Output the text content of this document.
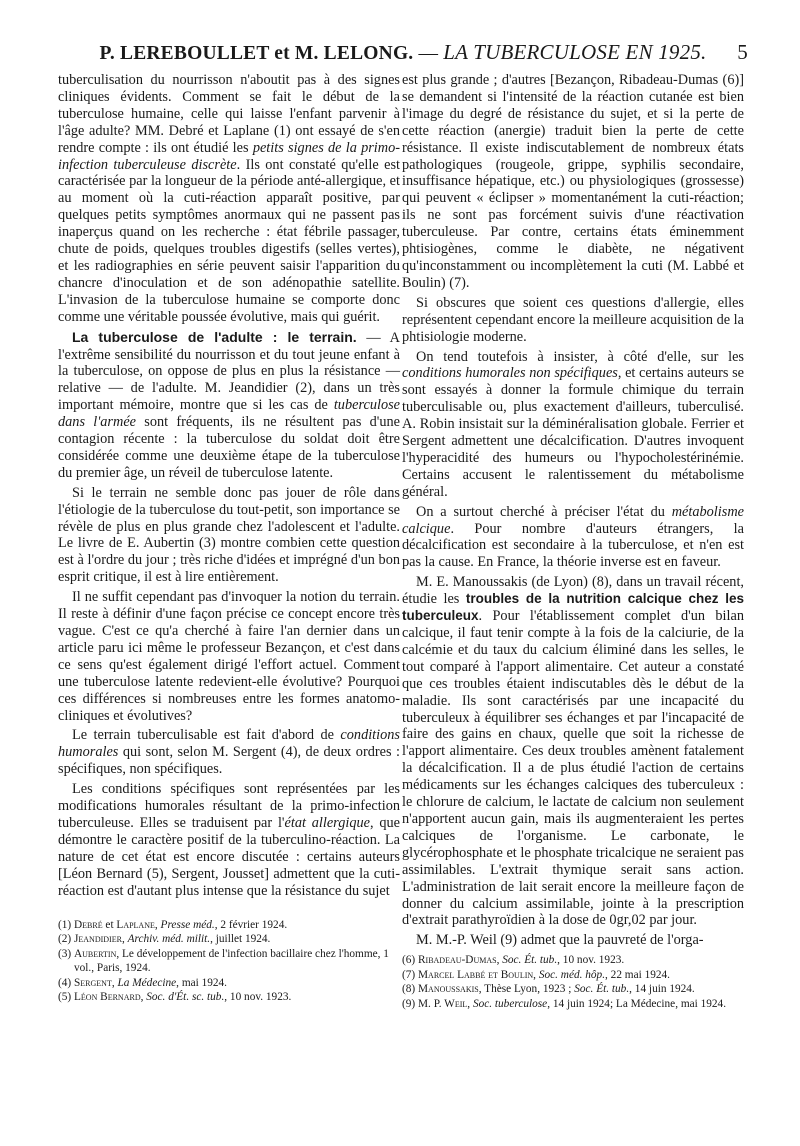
P. LEREBOULLET et M. LELONG. — LA TUBERCULOSE EN 1925. 5

tuberculisation du nourrisson n'aboutit pas à des signes cliniques évidents. Comment se fait le début de la tuberculose humaine, celle qui laisse l'enfant parvenir à l'âge adulte? MM. Debré et Laplane (1) ont essayé de s'en rendre compte : ils ont étudié les petits signes de la primo-infection tuberculeuse discrète. Ils ont constaté qu'elle est caractérisée par la longueur de la période anté-allergique, et au moment où la cuti-réaction apparaît positive, par quelques petits symptômes anormaux qui ne passent pas inaperçus quand on les recherche : état fébrile passager, chute de poids, quelques troubles digestifs (selles vertes), et les radiographies en série peuvent saisir l'apparition du chancre d'inoculation et de son adénopathie satellite. L'invasion de la tuberculose humaine se comporte donc comme une véritable poussée évolutive, mais qui guérit.

La tuberculose de l'adulte : le terrain. — A l'extrême sensibilité du nourrisson et du tout jeune enfant à la tuberculose, on oppose de plus en plus la résistance — relative — de l'adulte. M. Jeandidier (2), dans un très important mémoire, montre que si les cas de tuberculose dans l'armée sont fréquents, ils ne résultent pas d'une contagion récente : la tuberculose du soldat doit être considérée comme une deuxième étape de la tuberculose du premier âge, un réveil de tuberculose latente.

Si le terrain ne semble donc pas jouer de rôle dans l'étiologie de la tuberculose du tout-petit, son importance se révèle de plus en plus grande chez l'adolescent et l'adulte. Le livre de E. Aubertin (3) montre combien cette question est à l'ordre du jour ; très riche d'idées et imprégné d'un bon esprit critique, il est à lire entièrement.

Il ne suffit cependant pas d'invoquer la notion du terrain. Il reste à définir d'une façon précise ce concept encore très vague. C'est ce qu'a cherché à faire l'an dernier dans un article paru ici même le professeur Bezançon, et c'est dans ce sens qu'est également dirigé l'effort actuel. Comment une tuberculose latente redevient-elle évolutive? Pourquoi ces différences si nombreuses entre les formes anatomo-cliniques et évolutives?

Le terrain tuberculisable est fait d'abord de conditions humorales qui sont, selon M. Sergent (4), de deux ordres : spécifiques, non spécifiques.

Les conditions spécifiques sont représentées par les modifications humorales résultant de la primo-infection tuberculeuse. Elles se traduisent par l'état allergique, que démontre le caractère positif de la tuberculino-réaction. La nature de cet état est encore discutée : certains auteurs [Léon Bernard (5), Sergent, Jousset] admettent que la cuti-réaction est d'autant plus intense que la résistance du sujet

(1) Debré et Laplane, Presse méd., 2 février 1924.

(2) Jeandidier, Archiv. méd. milit., juillet 1924.

(3) Aubertin, Le développement de l'infection bacillaire chez l'homme, 1 vol., Paris, 1924.

(4) Sergent, La Médecine, mai 1924.

(5) Léon Bernard, Soc. d'Ét. sc. tub., 10 nov. 1923.

est plus grande ; d'autres [Bezançon, Ribadeau-Dumas (6)] se demandent si l'intensité de la réaction cutanée est bien l'image du degré de résistance du sujet, et si la perte de cette réaction (anergie) traduit bien la perte de cette résistance. Il existe indiscutablement de nombreux états pathologiques (rougeole, grippe, syphilis secondaire, insuffisance hépatique, etc.) ou physiologiques (grossesse) qui peuvent « éclipser » momentanément la cuti-réaction; ils ne sont pas forcément suivis d'une réactivation tuberculeuse. Par contre, certains états éminemment phtisiogènes, comme le diabète, ne négativent qu'inconstamment ou incomplètement la cuti (M. Labbé et Boulin) (7).

Si obscures que soient ces questions d'allergie, elles représentent cependant encore la meilleure acquisition de la phtisiologie moderne.

On tend toutefois à insister, à côté d'elle, sur les conditions humorales non spécifiques, et certains auteurs se sont essayés à donner la formule chimique du terrain tuberculisable ou, plus exactement d'ailleurs, tuberculisé. A. Robin insistait sur la déminéralisation globale. Ferrier et Sergent admettent une décalcification. D'autres invoquent l'hyperacidité des humeurs ou l'hypocholestérinémie. Certains accusent le ralentissement du métabolisme général.

On a surtout cherché à préciser l'état du métabolisme calcique. Pour nombre d'auteurs étrangers, la décalcification est secondaire à la tuberculose, et n'en est pas la cause. En France, la théorie inverse est en faveur.

M. E. Manoussakis (de Lyon) (8), dans un travail récent, étudie les troubles de la nutrition calcique chez les tuberculeux. Pour l'établissement complet d'un bilan calcique, il faut tenir compte à la fois de la calciurie, de la calcémie et du taux du calcium éliminé dans les selles, le tout comparé à l'apport alimentaire. Cet auteur a constaté que ces troubles étaient indiscutables dès le début de la maladie. Ils sont caractérisés par une incapacité du tuberculeux à équilibrer ses échanges et par l'incapacité de faire des gains en chaux, quelle que soit la richesse de l'apport alimentaire. Ces deux troubles amènent fatalement la décalcification. Il a de plus étudié l'action de certains médicaments sur les échanges calciques des tuberculeux : le chlorure de calcium, le lactate de calcium non seulement n'apportent aucun gain, mais ils augmenteraient les pertes calciques de l'organisme. Le carbonate, le glycérophosphate et le phosphate tricalcique ne seraient pas assimilables. L'extrait thymique serait sans action. L'administration de lait serait encore la meilleure façon de donner du calcium assimilable, jointe à la prescription d'extrait parathyroïdien à la dose de 0gr,02 par jour.

M. M.-P. Weil (9) admet que la pauvreté de l'orga-

(6) Ribadeau-Dumas, Soc. Ét. tub., 10 nov. 1923.

(7) Marcel Labbé et Boulin, Soc. méd. hôp., 22 mai 1924.

(8) Manoussakis, Thèse Lyon, 1923 ; Soc. Ét. tub., 14 juin 1924.

(9) M. P. Weil, Soc. tuberculose, 14 juin 1924; La Médecine, mai 1924.
